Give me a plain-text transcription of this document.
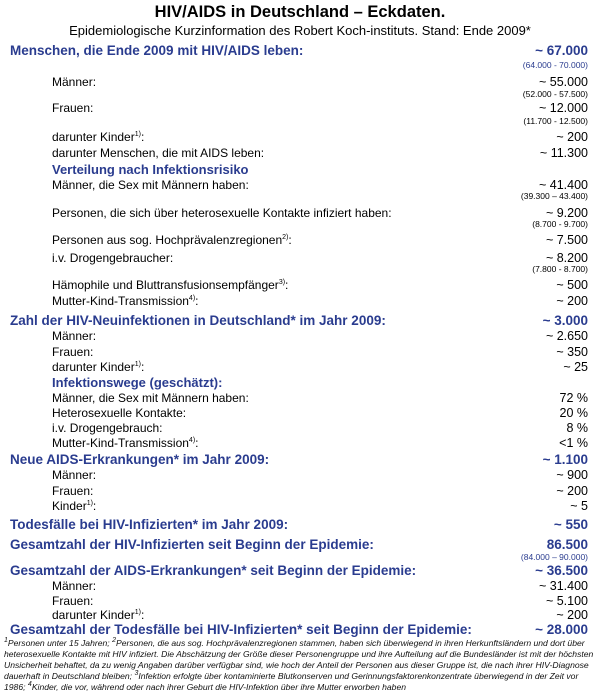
HIV/AIDS in Deutschland – Eckdaten.
Epidemiologische Kurzinformation des Robert Koch-instituts. Stand: Ende 2009*
Menschen, die Ende 2009 mit HIV/AIDS leben:	~ 67.000
(64.000 - 70.000)
Männer:	~ 55.000
(52.000 - 57.500)
Frauen:	~ 12.000
(11.700 - 12.500)
darunter Kinder$^{1)}$:	~ 200
darunter Menschen, die mit AIDS leben:	~ 11.300
Verteilung nach Infektionsrisiko
Männer, die Sex mit Männern haben:	~ 41.400
(39.300 – 43.400)
Personen, die sich über heterosexuelle Kontakte infiziert haben:	~ 9.200
(8.700 - 9.700)
Personen aus sog. Hochprävalenzregionen$^{2)}$:	~ 7.500
i.v. Drogengebraucher:	~ 8.200
(7.800 - 8.700)
Hämophile und Bluttransfusionsempfänger$^{3)}$:	~ 500
Mutter-Kind-Transmission$^{4)}$:	~ 200
Zahl der HIV-Neuinfektionen in Deutschland* im Jahr 2009:	~ 3.000
Männer:	~ 2.650
Frauen:	~ 350
darunter Kinder$^{1)}$:	~ 25
Infektionswege (geschätzt):
Männer, die Sex mit Männern haben:	72 %
Heterosexuelle Kontakte:	20 %
i.v. Drogengebrauch:	8 %
Mutter-Kind-Transmission$^{4)}$:	<1 %
Neue AIDS-Erkrankungen* im Jahr 2009:	~ 1.100
Männer:	~ 900
Frauen:	~ 200
Kinder$^{1)}$:	~ 5
Todesfälle bei HIV-Infizierten* im Jahr 2009:	~ 550
Gesamtzahl der HIV-Infizierten seit Beginn der Epidemie:	86.500
(84.000 – 90.000)
Gesamtzahl der AIDS-Erkrankungen* seit Beginn der Epidemie:	~ 36.500
Männer:	~ 31.400
Frauen:	~ 5.100
darunter Kinder$^{1)}$:	~ 200
Gesamtzahl der Todesfälle bei HIV-Infizierten* seit Beginn der Epidemie:	~ 28.000
$^1$Personen unter 15 Jahren; $^2$Personen, die aus sog. Hochprävalenzregionen stammen, haben sich überwiegend in ihren Herkunftsländern und dort über heterosexuelle Kontakte mit HIV infiziert. Die Abschätzung der Größe dieser Personengruppe und ihre Aufteilung auf die Bundesländer ist mit der höchsten Unsicherheit behaftet, da zu wenig Angaben darüber verfügbar sind, wie hoch der Anteil der Personen aus dieser Gruppe ist, die nach ihrer HIV-Diagnose dauerhaft in Deutschland bleiben; $^3$Infektion erfolgte über kontaminierte Blutkonserven und Gerinnungsfaktorenkonzentrate überwiegend in der Zeit vor 1986; $^4$Kinder, die vor, während oder nach ihrer Geburt die HIV-Infektion über ihre Mutter erworben haben
